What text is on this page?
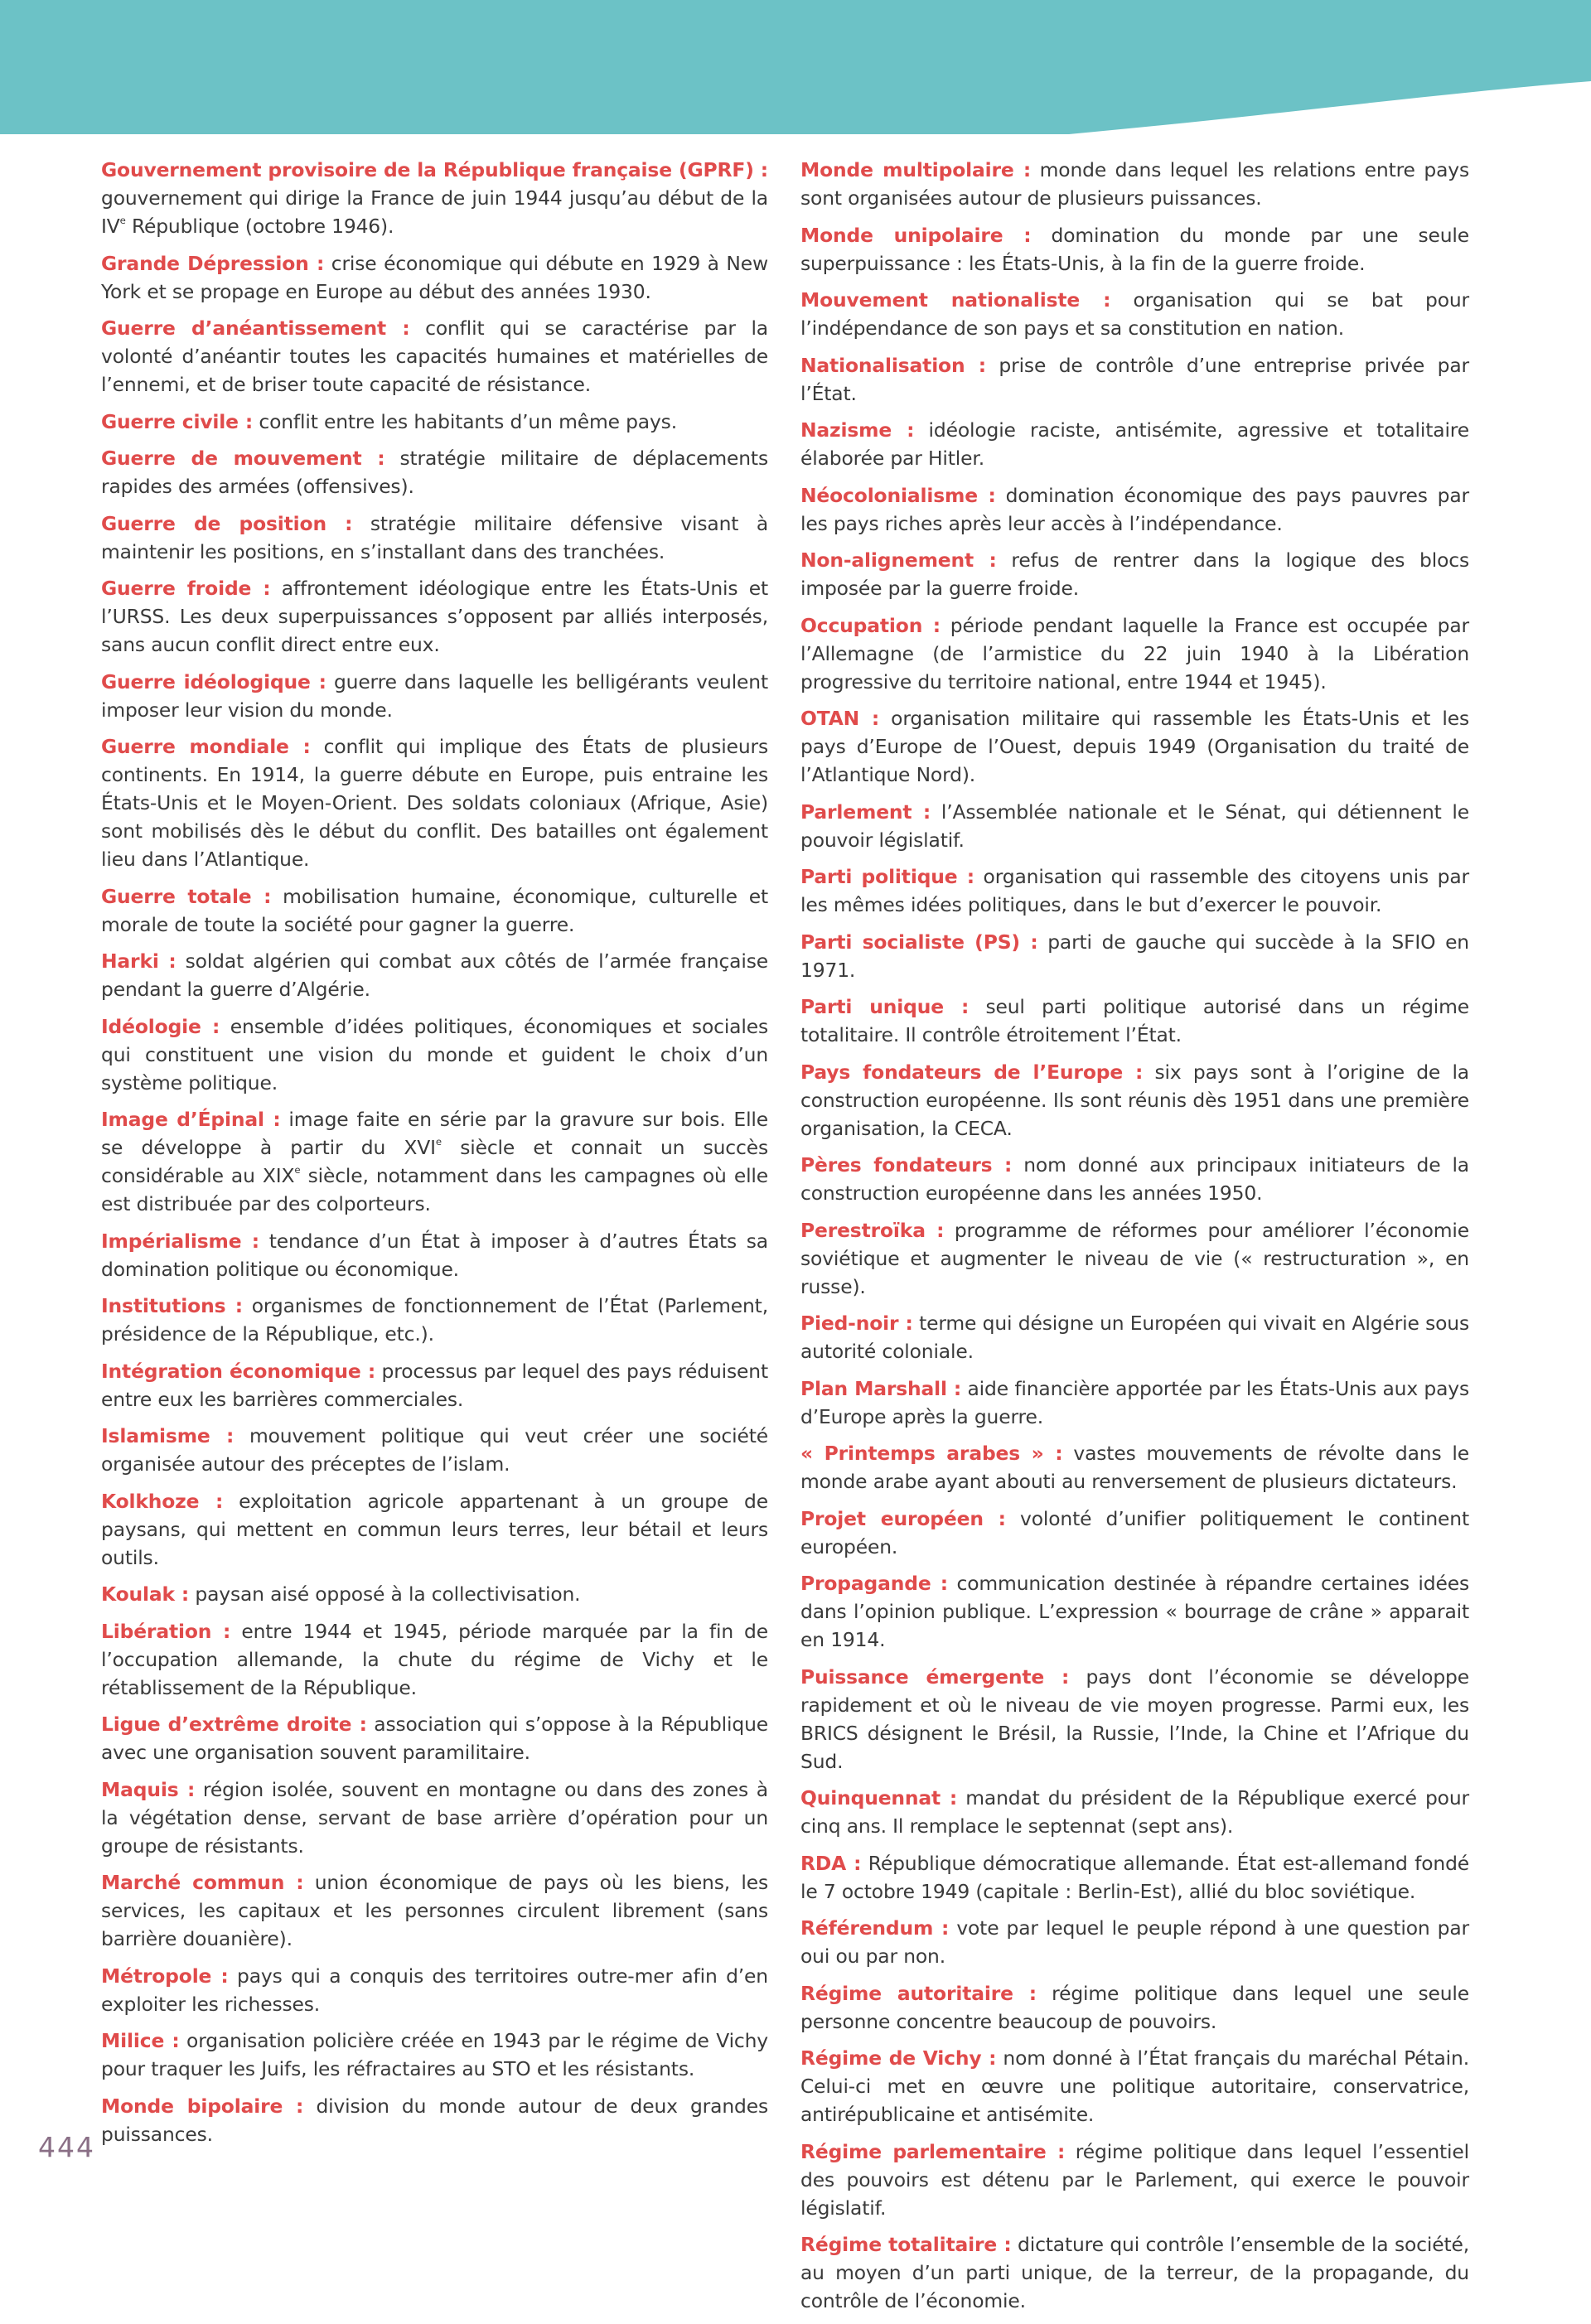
Gouvernement provisoire de la République française (GPRF) : gouvernement qui dirige la France de juin 1944 jusqu’au début de la IVe République (octobre 1946).

Grande Dépression : crise économique qui débute en 1929 à New York et se propage en Europe au début des années 1930.

Guerre d’anéantissement : conflit qui se caractérise par la volonté d’anéantir toutes les capacités humaines et matérielles de l’ennemi, et de briser toute capacité de résistance.

Guerre civile : conflit entre les habitants d’un même pays.

Guerre de mouvement : stratégie militaire de déplacements rapides des armées (offensives).

Guerre de position : stratégie militaire défensive visant à maintenir les positions, en s’installant dans des tranchées.

Guerre froide : affrontement idéologique entre les États-Unis et l’URSS. Les deux superpuissances s’opposent par alliés interposés, sans aucun conflit direct entre eux.

Guerre idéologique : guerre dans laquelle les belligérants veulent imposer leur vision du monde.

Guerre mondiale : conflit qui implique des États de plusieurs continents. En 1914, la guerre débute en Europe, puis entraine les États-Unis et le Moyen-Orient. Des soldats coloniaux (Afrique, Asie) sont mobilisés dès le début du conflit. Des batailles ont également lieu dans l’Atlantique.

Guerre totale : mobilisation humaine, économique, culturelle et morale de toute la société pour gagner la guerre.

Harki : soldat algérien qui combat aux côtés de l’armée française pendant la guerre d’Algérie.

Idéologie : ensemble d’idées politiques, économiques et sociales qui constituent une vision du monde et guident le choix d’un système politique.

Image d’Épinal : image faite en série par la gravure sur bois. Elle se développe à partir du XVIe siècle et connait un succès considérable au XIXe siècle, notamment dans les campagnes où elle est distribuée par des colporteurs.

Impérialisme : tendance d’un État à imposer à d’autres États sa domination politique ou économique.

Institutions : organismes de fonctionnement de l’État (Parlement, présidence de la République, etc.).

Intégration économique : processus par lequel des pays réduisent entre eux les barrières commerciales.

Islamisme : mouvement politique qui veut créer une société organisée autour des préceptes de l’islam.

Kolkhoze : exploitation agricole appartenant à un groupe de paysans, qui mettent en commun leurs terres, leur bétail et leurs outils.

Koulak : paysan aisé opposé à la collectivisation.

Libération : entre 1944 et 1945, période marquée par la fin de l’occupation allemande, la chute du régime de Vichy et le rétablissement de la République.

Ligue d’extrême droite : association qui s’oppose à la République avec une organisation souvent paramilitaire.

Maquis : région isolée, souvent en montagne ou dans des zones à la végétation dense, servant de base arrière d’opération pour un groupe de résistants.

Marché commun : union économique de pays où les biens, les services, les capitaux et les personnes circulent librement (sans barrière douanière).

Métropole : pays qui a conquis des territoires outre-mer afin d’en exploiter les richesses.

Milice : organisation policière créée en 1943 par le régime de Vichy pour traquer les Juifs, les réfractaires au STO et les résistants.

Monde bipolaire : division du monde autour de deux grandes puissances.

Monde multipolaire : monde dans lequel les relations entre pays sont organisées autour de plusieurs puissances.

Monde unipolaire : domination du monde par une seule superpuissance : les États-Unis, à la fin de la guerre froide.

Mouvement nationaliste : organisation qui se bat pour l’indépendance de son pays et sa constitution en nation.

Nationalisation : prise de contrôle d’une entreprise privée par l’État.

Nazisme : idéologie raciste, antisémite, agressive et totalitaire élaborée par Hitler.

Néocolonialisme : domination économique des pays pauvres par les pays riches après leur accès à l’indépendance.

Non-alignement : refus de rentrer dans la logique des blocs imposée par la guerre froide.

Occupation : période pendant laquelle la France est occupée par l’Allemagne (de l’armistice du 22 juin 1940 à la Libération progressive du territoire national, entre 1944 et 1945).

OTAN : organisation militaire qui rassemble les États-Unis et les pays d’Europe de l’Ouest, depuis 1949 (Organisation du traité de l’Atlantique Nord).

Parlement : l’Assemblée nationale et le Sénat, qui détiennent le pouvoir législatif.

Parti politique : organisation qui rassemble des citoyens unis par les mêmes idées politiques, dans le but d’exercer le pouvoir.

Parti socialiste (PS) : parti de gauche qui succède à la SFIO en 1971.

Parti unique : seul parti politique autorisé dans un régime totalitaire. Il contrôle étroitement l’État.

Pays fondateurs de l’Europe : six pays sont à l’origine de la construction européenne. Ils sont réunis dès 1951 dans une première organisation, la CECA.

Pères fondateurs : nom donné aux principaux initiateurs de la construction européenne dans les années 1950.

Perestroïka : programme de réformes pour améliorer l’économie soviétique et augmenter le niveau de vie (« restructuration », en russe).

Pied-noir : terme qui désigne un Européen qui vivait en Algérie sous autorité coloniale.

Plan Marshall : aide financière apportée par les États-Unis aux pays d’Europe après la guerre.

« Printemps arabes » : vastes mouvements de révolte dans le monde arabe ayant abouti au renversement de plusieurs dictateurs.

Projet européen : volonté d’unifier politiquement le continent européen.

Propagande : communication destinée à répandre certaines idées dans l’opinion publique. L’expression « bourrage de crâne » apparait en 1914.

Puissance émergente : pays dont l’économie se développe rapidement et où le niveau de vie moyen progresse. Parmi eux, les BRICS désignent le Brésil, la Russie, l’Inde, la Chine et l’Afrique du Sud.

Quinquennat : mandat du président de la République exercé pour cinq ans. Il remplace le septennat (sept ans).

RDA : République démocratique allemande. État est-allemand fondé le 7 octobre 1949 (capitale : Berlin-Est), allié du bloc soviétique.

Référendum : vote par lequel le peuple répond à une question par oui ou par non.

Régime autoritaire : régime politique dans lequel une seule personne concentre beaucoup de pouvoirs.

Régime de Vichy : nom donné à l’État français du maréchal Pétain. Celui-ci met en œuvre une politique autoritaire, conservatrice, antirépublicaine et antisémite.

Régime parlementaire : régime politique dans lequel l’essentiel des pouvoirs est détenu par le Parlement, qui exerce le pouvoir législatif.

Régime totalitaire : dictature qui contrôle l’ensemble de la société, au moyen d’un parti unique, de la terreur, de la propagande, du contrôle de l’économie.

444
